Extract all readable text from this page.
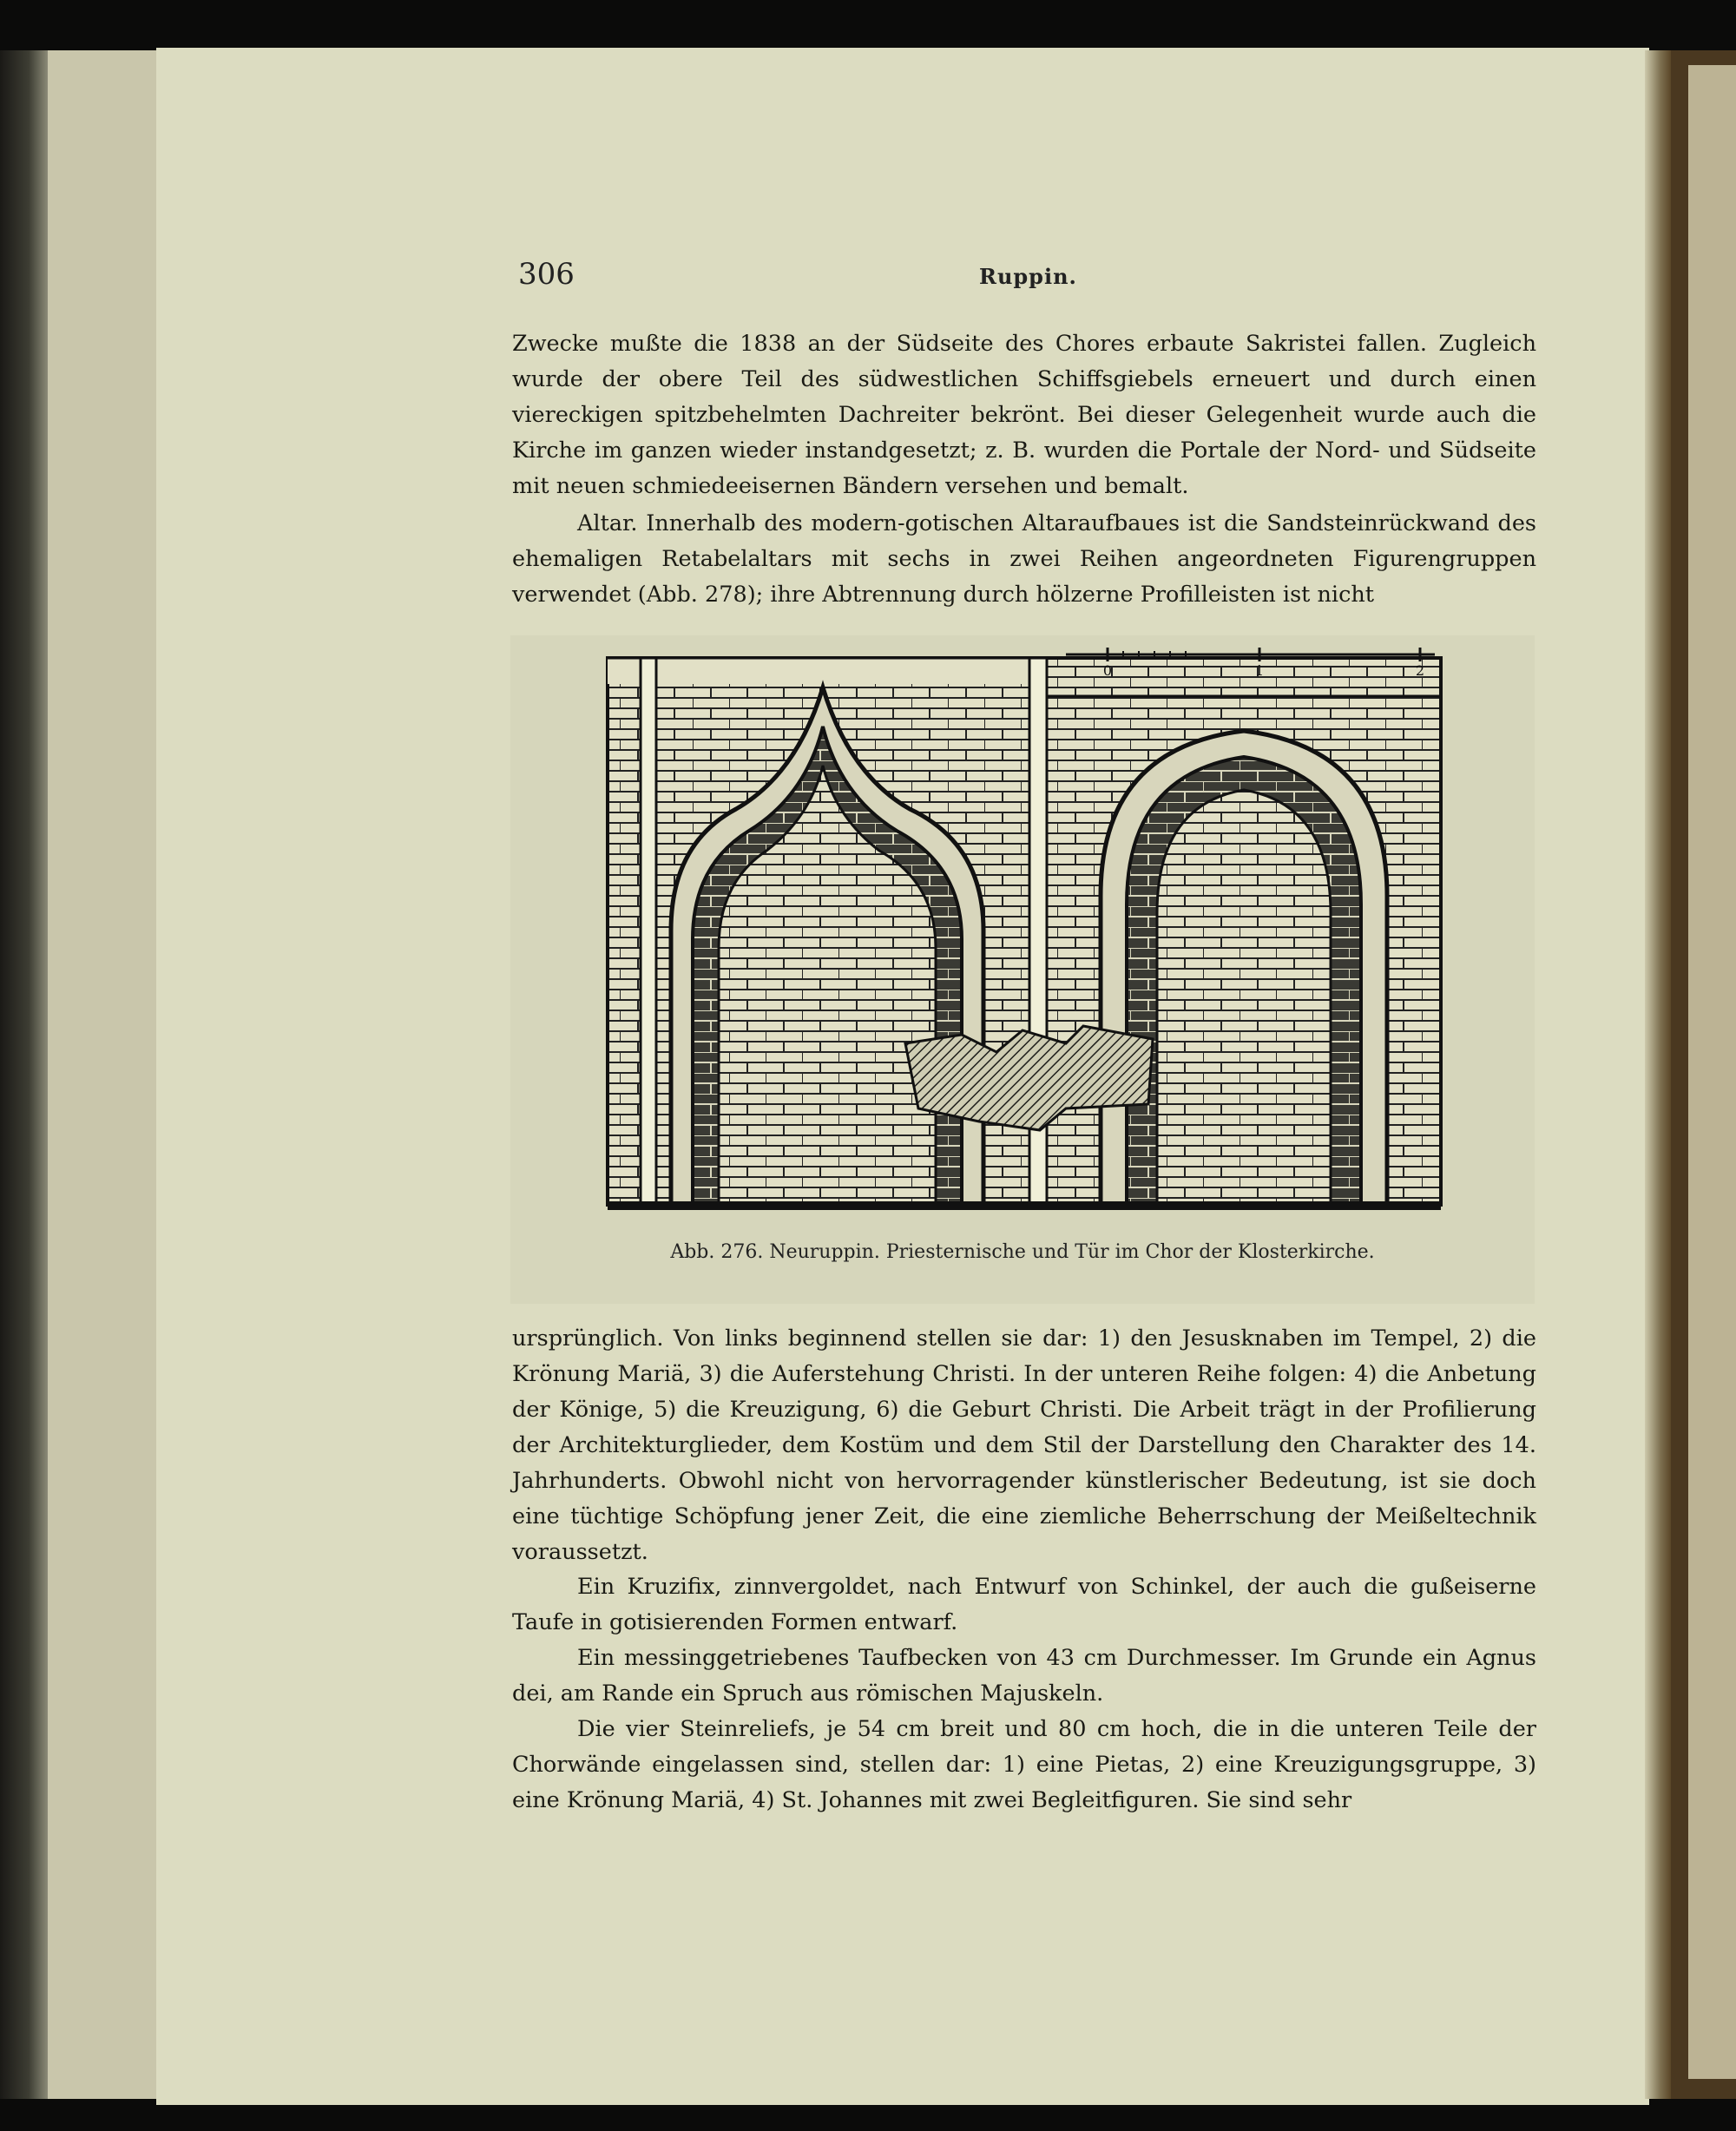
306	Ruppin.
Zwecke mußte die 1838 an der Südseite des Chores erbaute Sakristei fallen. Zugleich wurde der obere Teil des südwestlichen Schiffsgiebels erneuert und durch einen viereckigen spitzbehelmten Dachreiter bekrönt. Bei dieser Gelegenheit wurde auch die Kirche im ganzen wieder instandgesetzt; z. B. wurden die Portale der Nord- und Südseite mit neuen schmiedeeisernen Bändern versehen und bemalt.
Altar. Innerhalb des modern-gotischen Altaraufbaues ist die Sandsteinrückwand des ehemaligen Retabelaltars mit sechs in zwei Reihen angeordneten Figurengruppen verwendet (Abb. 278); ihre Abtrennung durch hölzerne Profilleisten ist nicht
0	1	2
Abb. 276. Neuruppin. Priesternische und Tür im Chor der Klosterkirche.
ursprünglich. Von links beginnend stellen sie dar: 1) den Jesusknaben im Tempel, 2) die Krönung Mariä, 3) die Auferstehung Christi. In der unteren Reihe folgen: 4) die Anbetung der Könige, 5) die Kreuzigung, 6) die Geburt Christi. Die Arbeit trägt in der Profilierung der Architekturglieder, dem Kostüm und dem Stil der Darstellung den Charakter des 14. Jahrhunderts. Obwohl nicht von hervorragender künstlerischer Bedeutung, ist sie doch eine tüchtige Schöpfung jener Zeit, die eine ziemliche Beherrschung der Meißeltechnik voraussetzt.
Ein Kruzifix, zinnvergoldet, nach Entwurf von Schinkel, der auch die gußeiserne Taufe in gotisierenden Formen entwarf.
Ein messinggetriebenes Taufbecken von 43 cm Durchmesser. Im Grunde ein Agnus dei, am Rande ein Spruch aus römischen Majuskeln.
Die vier Steinreliefs, je 54 cm breit und 80 cm hoch, die in die unteren Teile der Chorwände eingelassen sind, stellen dar: 1) eine Pietas, 2) eine Kreuzigungsgruppe, 3) eine Krönung Mariä, 4) St. Johannes mit zwei Begleitfiguren. Sie sind sehr
